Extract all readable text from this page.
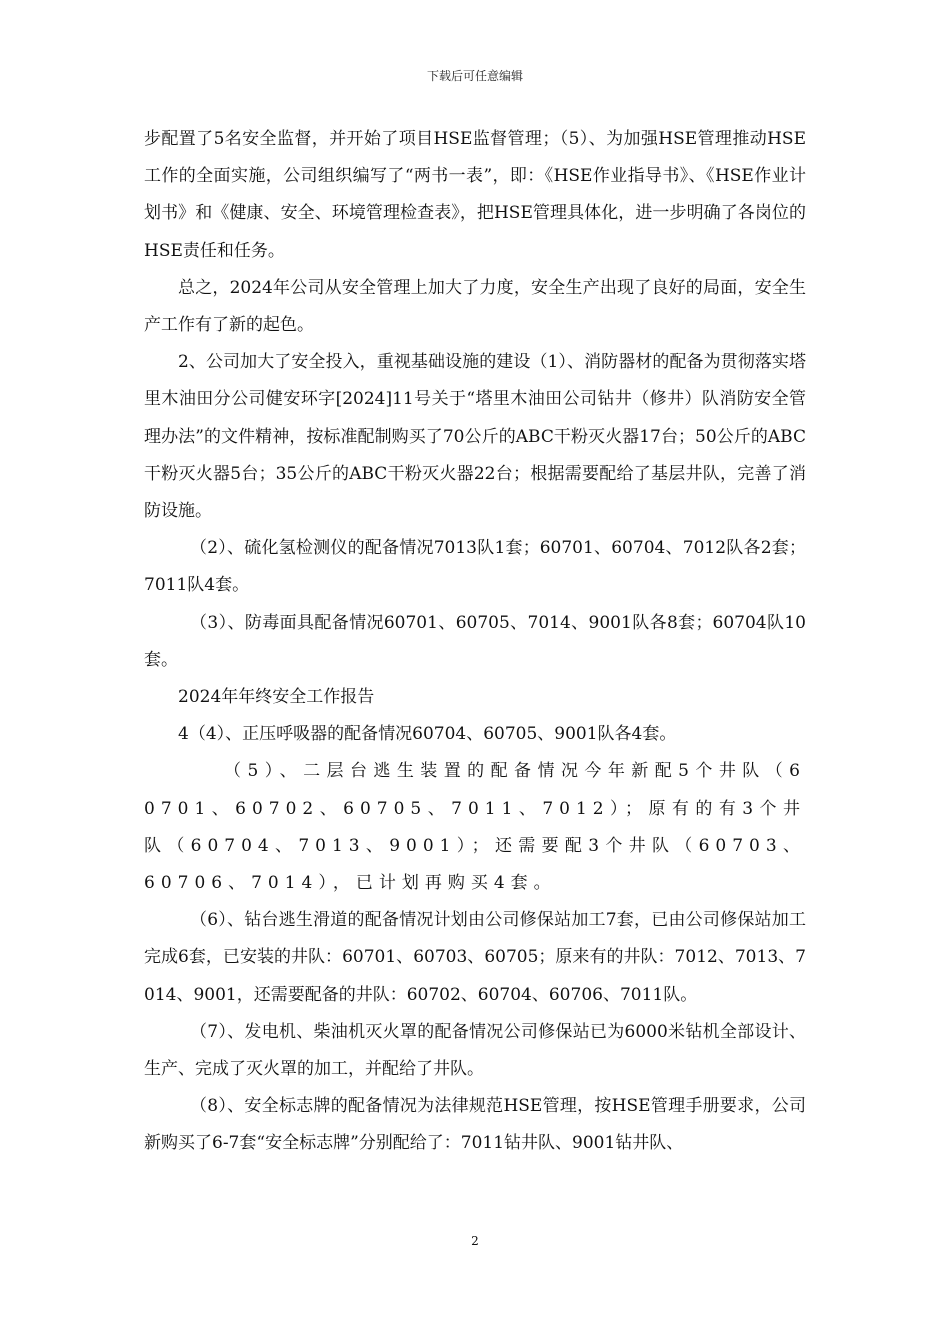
下载后可任意编辑

步配置了5名安全监督，并开始了项目HSE监督管理；（5）、为加强HSE管理推动HSE工作的全面实施，公司组织编写了“两书一表”，即：《HSE作业指导书》、《HSE作业计划书》和《健康、安全、环境管理检查表》，把HSE管理具体化，进一步明确了各岗位的HSE责任和任务。

总之，2024年公司从安全管理上加大了力度，安全生产出现了良好的局面，安全生产工作有了新的起色。

2、公司加大了安全投入，重视基础设施的建设（1）、消防器材的配备为贯彻落实塔里木油田分公司健安环字[2024]11号关于“塔里木油田公司钻井（修井）队消防安全管理办法”的文件精神，按标准配制购买了70公斤的ABC干粉灭火器17台；50公斤的ABC干粉灭火器5台；35公斤的ABC干粉灭火器22台；根据需要配给了基层井队，完善了消防设施。

（2）、硫化氢检测仪的配备情况7013队1套；60701、60704、7012队各2套；7011队4套。

（3）、防毒面具配备情况60701、60705、7014、9001队各8套；60704队10套。

2024年年终安全工作报告

4（4）、正压呼吸器的配备情况60704、60705、9001队各4套。

（5）、二层台逃生装置的配备情况今年新配5个井队（60701、60702、60705、7011、7012）；原有的有3个井队（60704、7013、9001）；还需要配3个井队（60703、60706、7014），已计划再购买4套。

（6）、钻台逃生滑道的配备情况计划由公司修保站加工7套，已由公司修保站加工完成6套，已安装的井队：60701、60703、60705；原来有的井队：7012、7013、7014、9001，还需要配备的井队：60702、60704、60706、7011队。

（7）、发电机、柴油机灭火罩的配备情况公司修保站已为6000米钻机全部设计、生产、完成了灭火罩的加工，并配给了井队。

（8）、安全标志牌的配备情况为法律规范HSE管理，按HSE管理手册要求，公司新购买了6-7套“安全标志牌”分别配给了：7011钻井队、9001钻井队、

2
